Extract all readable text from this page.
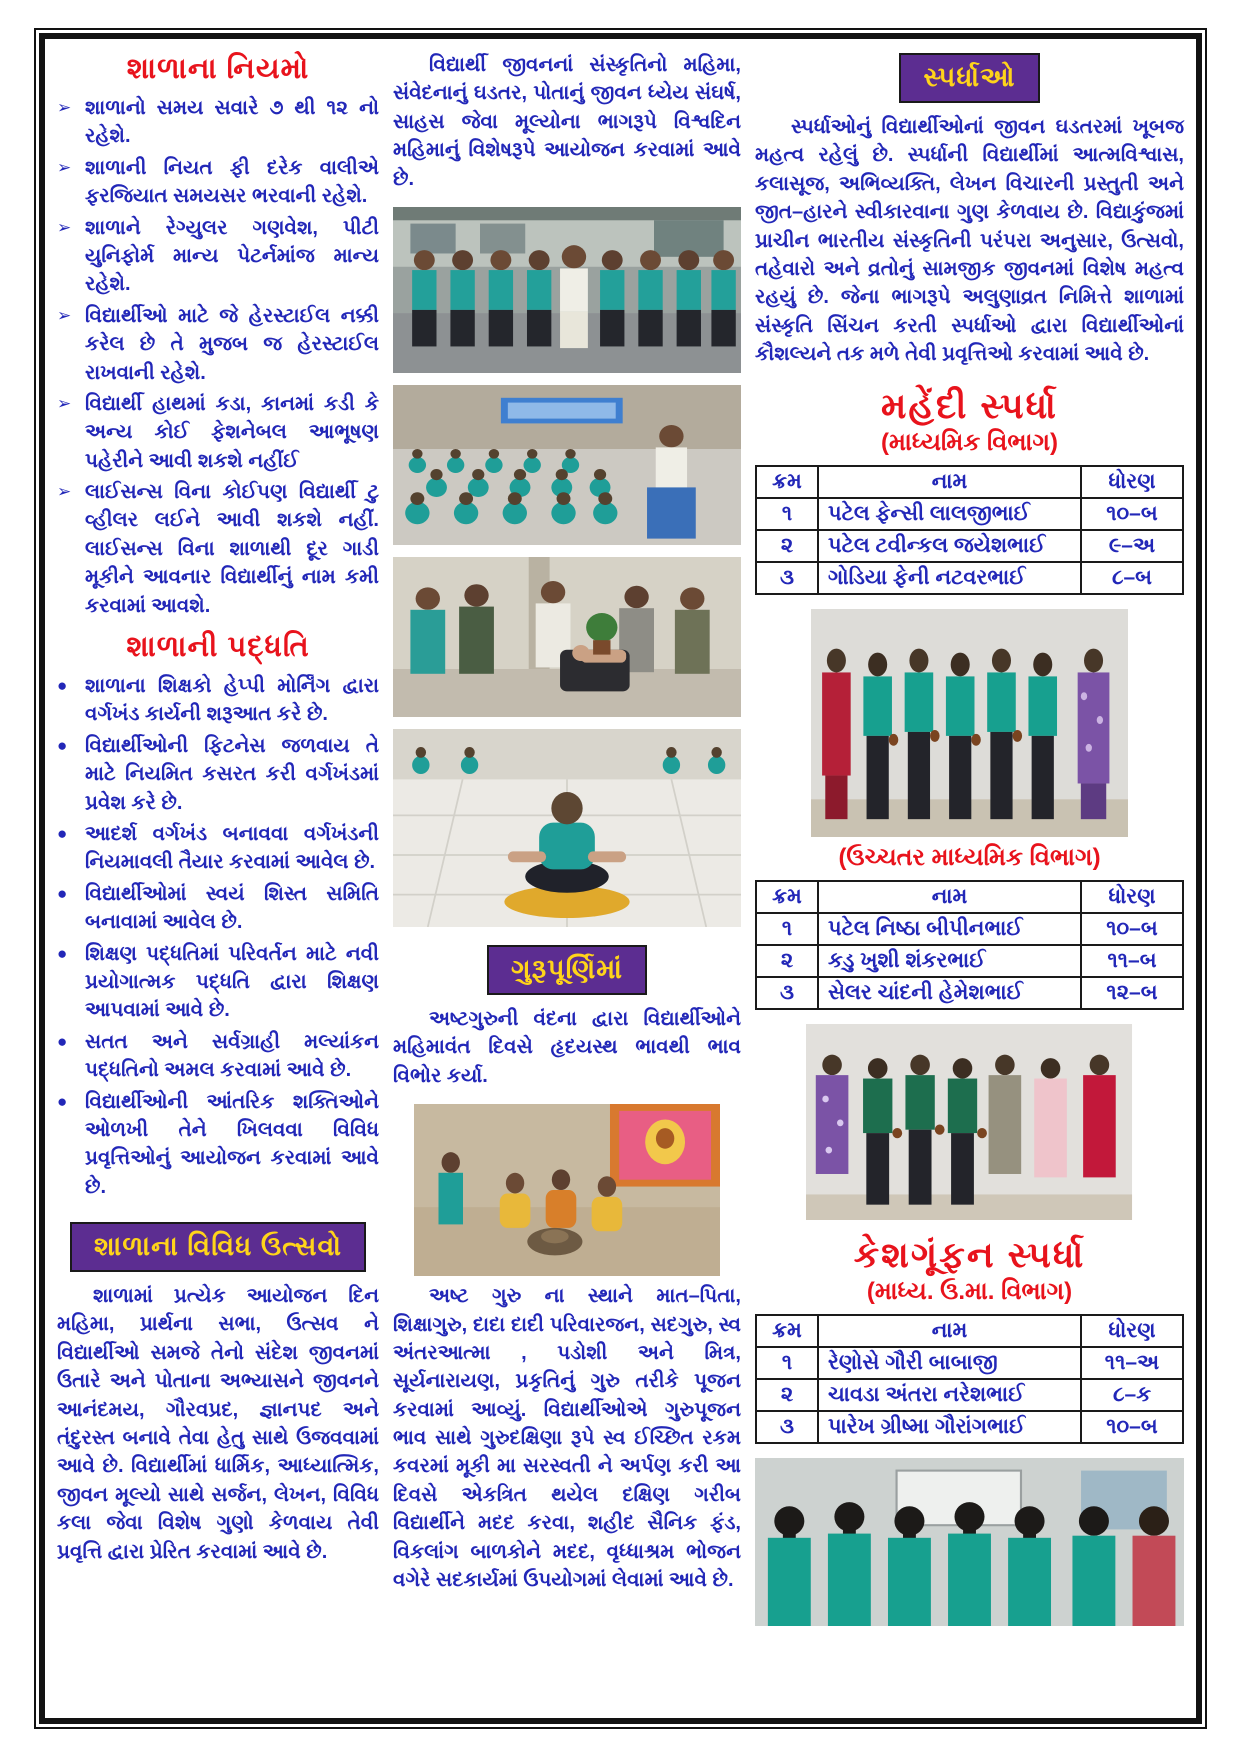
શાળાના નિયમો
➢ શાળાનો સમય સવારે ૭ થી ૧૨ નો રહેશે.
➢ શાળાની નિયત ફી દરેક વાલીએ ફરજિયાત સમયસર ભરવાની રહેશે.
➢ શાળાને રેગ્યુલર ગણવેશ, પીટી યુનિફોર્મ માન્ય પેટર્નમાંજ માન્ય રહેશે.
➢ વિદ્યાર્થીઓ માટે જે હેરસ્ટાઈલ નક્કી કરેલ છે તે મુજબ જ હેરસ્ટાઈલ રાખવાની રહેશે.
➢ વિદ્યાર્થી હાથમાં કડા, કાનમાં કડી કે અન્ય કોઈ ફેશનેબલ આભૂષણ પહેરીને આવી શકશે નહીંઈ
➢ લાઈસન્સ વિના કોઈપણ વિદ્યાર્થી ટુ વ્હીલર લઈને આવી શકશે નહીં. લાઈસન્સ વિના શાળાથી દૂર ગાડી મૂકીને આવનાર વિદ્યાર્થીનું નામ કમી કરવામાં આવશે.
શાળાની પદ્ધતિ
● શાળાના શિક્ષકો હેપ્પી મોર્નિંગ દ્વારા વર્ગખંડ કાર્યની શરૂઆત કરે છે.
● વિદ્યાર્થીઓની ફિટનેસ જળવાય તે માટે નિયમિત કસરત કરી વર્ગખંડમાં પ્રવેશ કરે છે.
● આદર્શ વર્ગખંડ બનાવવા વર્ગખંડની નિયમાવલી તૈયાર કરવામાં આવેલ છે.
● વિદ્યાર્થીઓમાં સ્વયં શિસ્ત સમિતિ બનાવામાં આવેલ છે.
● શિક્ષણ પદ્ધતિમાં પરિવર્તન માટે નવી પ્રયોગાત્મક પદ્ધતિ દ્વારા શિક્ષણ આપવામાં આવે છે.
● સતત અને સર્વગ્રાહી મલ્યાંકન પદ્ધતિનો અમલ કરવામાં આવે છે.
● વિદ્યાર્થીઓની આંતરિક શક્તિઓને ઓળખી તેને ખિલવવા વિવિધ પ્રવૃત્તિઓનું આયોજન કરવામાં આવે છે.
શાળાના વિવિધ ઉત્સવો

શાળામાં પ્રત્યેક આયોજન દિન મહિમા, પ્રાર્થના સભા, ઉત્સવ ને વિદ્યાર્થીઓ સમજે તેનો સંદેશ જીવનમાં ઉતારે અને પોતાના અભ્યાસને જીવનને આનંદમય, ગૌરવપ્રદ, જ્ઞાનપદ અને તંદુરસ્ત બનાવે તેવા હેતુ સાથે ઉજવવામાં આવે છે. વિદ્યાર્થીમાં ધાર્મિક, આધ્યાત્મિક, જીવન મૂલ્યો સાથે સર્જન, લેખન, વિવિધ કલા જેવા વિશેષ ગુણો કેળવાય તેવી પ્રવૃત્તિ દ્વારા પ્રેરિત કરવામાં આવે છે.

વિદ્યાર્થી જીવનનાં સંસ્કૃતિનો મહિમા, સંવેદનાનું ઘડતર, પોતાનું જીવન ધ્યેય સંઘર્ષ, સાહસ જેવા મૂલ્યોના ભાગરૂપે વિશ્વદિન મહિમાનું વિશેષરૂપે આયોજન કરવામાં આવે છે.

ગુરૂપૂર્ણિમાં

અષ્ટગુરુની વંદના દ્વારા વિદ્યાર્થીઓને મહિમાવંત દિવસે હૃદયસ્થ ભાવથી ભાવ વિભોર કર્યા.

અષ્ટ ગુરુ ના સ્થાને માત–પિતા, શિક્ષાગુરુ, દાદા દાદી પરિવારજન, સદગુરુ, સ્વ અંતરઆત્મા , પડોશી અને મિત્ર, સૂર્યનારાયણ, પ્રકૃતિનું ગુરુ તરીકે પૂજન કરવામાં આવ્યું. વિદ્યાર્થીઓએ ગુરુપૂજન ભાવ સાથે ગુરુદક્ષિણા રૂપે સ્વ ઈચ્છિત રકમ કવરમાં મૂકી મા સરસ્વતી ને અર્પણ કરી આ દિવસે એકત્રિત થયેલ દક્ષિણ ગરીબ વિદ્યાર્થીને મદદ કરવા, શહીદ સૈનિક ફંડ, વિકલાંગ બાળકોને મદદ, વૃધ્ધાશ્રમ ભોજન વગેરે સદકાર્યમાં ઉપયોગમાં લેવામાં આવે છે.

સ્પર્ધાઓ

સ્પર્ધાઓનું વિદ્યાર્થીઓનાં જીવન ઘડતરમાં ખૂબજ મહત્વ રહેલું છે. સ્પર્ધાની વિદ્યાર્થીમાં આત્મવિશ્વાસ, કલાસૂજ, અભિવ્યક્તિ, લેખન વિચારની પ્રસ્તુતી અને જીત–હારને સ્વીકારવાના ગુણ કેળવાય છે. વિદ્યાકુંજમાં પ્રાચીન ભારતીય સંસ્કૃતિની પરંપરા અનુસાર, ઉત્સવો, તહેવારો અને વ્રતોનું સામજીક જીવનમાં વિશેષ મહત્વ રહયું છે. જેના ભાગરૂપે અલુણાવ્રત નિમિત્તે શાળામાં સંસ્કૃતિ સિંચન કરતી સ્પર્ધાઓ દ્વારા વિદ્યાર્થીઓનાં કૌશલ્યને તક મળે તેવી પ્રવૃત્તિઓ કરવામાં આવે છે.

મહેંદી સ્પર્ધા
(માધ્યમિક વિભાગ)
ક્રમ	નામ	ધોરણ
૧	પટેલ ફેન્સી લાલજીભાઈ	૧૦–બ
૨	પટેલ ટવીન્કલ જયેશભાઈ	૯–અ
૩	ગોડિયા ફેની નટવરભાઈ	૮–બ
(ઉચ્ચતર માધ્યમિક વિભાગ)
ક્રમ	નામ	ધોરણ
૧	પટેલ નિષ્ઠા બીપીનભાઈ	૧૦–બ
૨	કડુ ખુશી શંકરભાઈ	૧૧–બ
૩	સેલર ચાંદની હેમેશભાઈ	૧૨–બ
કેશગૂંફન સ્પર્ધા
(માધ્ય. ઉ.મા. વિભાગ)
ક્રમ	નામ	ધોરણ
૧	રેણોસે ગૌરી બાબાજી	૧૧–અ
૨	ચાવડા અંતરા નરેશભાઈ	૮–ક
૩	પારેખ ગ્રીષ્મા ગૌરાંગભાઈ	૧૦–બ
